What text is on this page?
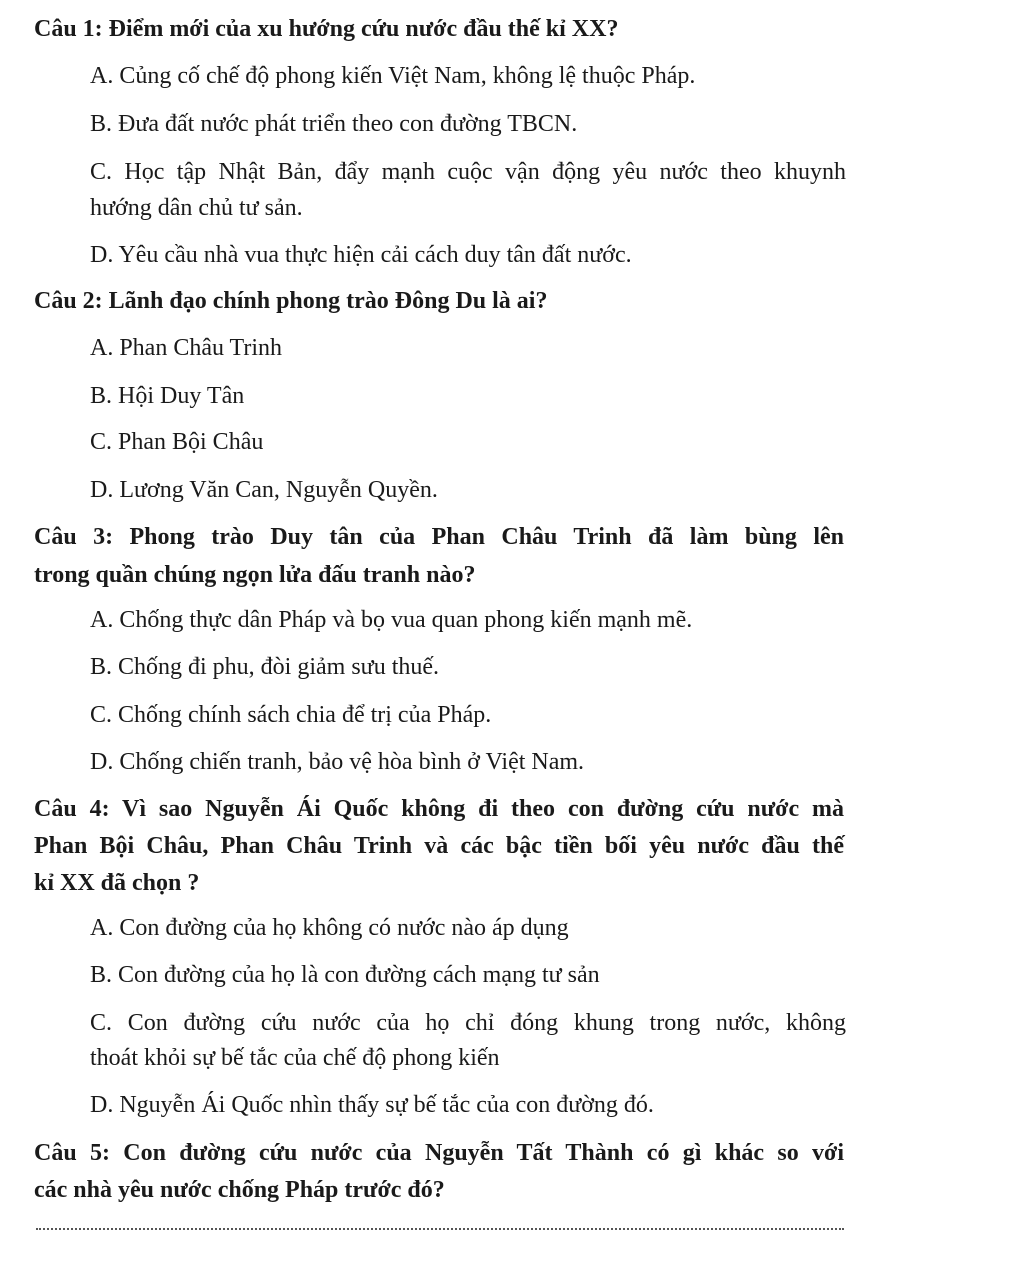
Câu 1: Điểm mới của xu hướng cứu nước đầu thế kỉ XX?
A. Củng cố chế độ phong kiến Việt Nam, không lệ thuộc Pháp.
B. Đưa đất nước phát triển theo con đường TBCN.
C. Học tập Nhật Bản, đẩy mạnh cuộc vận động yêu nước theo khuynh
hướng dân chủ tư sản.
D. Yêu cầu nhà vua thực hiện cải cách duy tân đất nước.
Câu 2: Lãnh đạo chính phong trào Đông Du là ai?
A. Phan Châu Trinh
B. Hội Duy Tân
C. Phan Bội Châu
D. Lương Văn Can, Nguyễn Quyền.
Câu 3: Phong trào Duy tân của Phan Châu Trinh đã làm bùng lên
trong quần chúng ngọn lửa đấu tranh nào?
A. Chống thực dân Pháp và bọ vua quan phong kiến mạnh mẽ.
B. Chống đi phu, đòi giảm sưu thuế.
C. Chống chính sách chia để trị của Pháp.
D. Chống chiến tranh, bảo vệ hòa bình ở Việt Nam.
Câu 4: Vì sao Nguyễn Ái Quốc không đi theo con đường cứu nước mà
Phan Bội Châu, Phan Châu Trinh và các bậc tiền bối yêu nước đầu thế
kỉ XX đã chọn ?
A. Con đường của họ không có nước nào áp dụng
B. Con đường của họ là con đường cách mạng tư sản
C. Con đường cứu nước của họ chỉ đóng khung trong nước, không
thoát khỏi sự bế tắc của chế độ phong kiến
D. Nguyễn Ái Quốc nhìn thấy sự bế tắc của con đường đó.
Câu 5: Con đường cứu nước của Nguyễn Tất Thành có gì khác so với
các nhà yêu nước chống Pháp trước đó?
